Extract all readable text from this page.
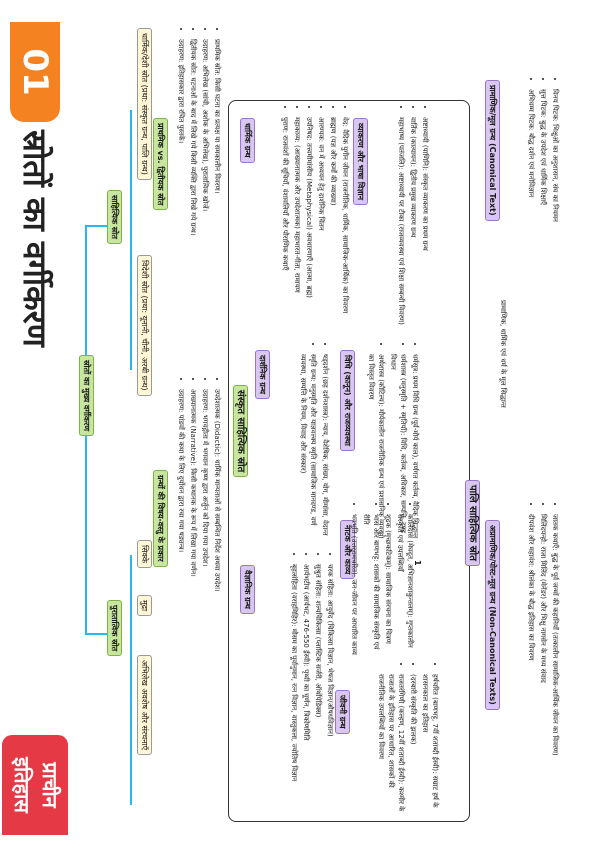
01
स्रोतों का वर्गीकरण
प्राचीन
इतिहास
स्रोतों का मुख्य वर्गीकरण
साहित्यिक स्रोत
पुरातात्विक स्रोत
धार्मिक/देशी स्रोत (प्रथा: संस्कृत ग्रन्थ, पालि ग्रन्थ)
विदेशी स्रोत (प्रथा: यूनानी, चीनी, अरबी ग्रन्थ)
सिक्के
मुद्रा
अभिलेख अवशेष और संरचनाएँ
प्राथमिक vs. द्वितीयक स्रोत	• प्राथमिक स्रोत: किसी घटना का प्रत्यक्ष या समकालीन विवरण।
• उदाहरण: अभिलेख (सांची, अशोक के अभिलेख), पुरातात्विक खोजें।
• द्वितीयक स्रोत: घटनाओं के बाद में लिखे गये किसी व्यक्ति द्वारा लिखे गये ग्रन्थ।
• उदाहरण: इतिहासकार द्वारा रचित पुस्तकें।
ग्रन्थों की विषय-वस्तु के प्रकार	• उपदेशात्मक (Didactic): धार्मिक मान्यताओं से सम्बन्धित निर्देश अथवा उपदेश।
• उदाहरण: भगवद्गीता में भगवान कृष्ण द्वारा अर्जुन को दिया गया उपदेश।
• आख्यानात्मक (Narrative): किसी कथानक के रूप में लिखा गया वर्णन।
• उदाहरण: पांडवों की कथा के लिए दुर्योधन द्वारा रचा गया षड्यन्त्र।	संस्कृत साहित्यिक स्रोत
धार्मिक ग्रन्थ	• वेद: वैदिक युगीन जीवन (राजनीतिक, धार्मिक, सामाजिक-आर्थिक) का विवरण
• ब्राह्मण (यज्ञ और कर्मों की व्याख्या)
• आरण्यक: वन में अध्ययन हेतु दार्शनिक चिंतन
• उपनिषद: तत्त्वमीमांसीय (Metaphysical) अवधारणाएँ (आत्मा, ब्रह्म)
• महाकाव्य: (आख्यानात्मक और उपदेशात्मक) महाभारत-गीता, रामायण
• पुराण: राजवंशों की सूचियाँ, वंशावलियाँ और पौराणिक कथाएँ	व्याकरण और भाषा विज्ञान	• अष्टाध्यायी (पाणिनि): संस्कृत व्याकरण का प्रथम ग्रन्थ
• वार्तिक (कात्यायन): द्वितीय प्रमुख व्याकरण ग्रन्थ
• महाभाष्य (पतंजलि): अष्टाध्यायी पर टीका (राजव्यवस्था एवं शिक्षा सम्बन्धी विवरण)
दार्शनिक ग्रन्थ	• षड्दर्शन (छह दर्शनशास्त्र): न्याय, वैशेषिक, सांख्य, योग, मीमांसा, वेदान्त
• स्मृति ग्रन्थ: मनुस्मृति और याज्ञवल्क्य स्मृति (सामाजिक मानदण्ड, वर्ण व्यवस्था, सम्पत्ति के नियम, विवाह और संस्कार)	विधि (कानून) और राजव्यवस्था	• धर्मसूत्र: प्रथम विधि ग्रन्थ (पूर्व-मौर्य काल), वर्णगत कर्तव्य, वैदिक सिद्धान्त
• धर्मशास्त्र (मनुस्मृति + स्मृतियाँ): विधि, कर्तव्य, अधिकार, सम्पत्ति, दण्ड विधान
• अर्थशास्त्र (कौटिल्य): मौर्यकालीन राजनीतिक ग्रन्थ एवं प्रशासनिक व्यवस्था का विस्तृत विवरण
वैज्ञानिक ग्रन्थ	• चरक संहिता: आयुर्वेद (चिकित्सा विज्ञान, भेषज विज्ञान/औषधविज्ञान)
• सुश्रुत संहिता: शल्यचिकित्सा (प्लास्टिक सर्जरी, ऑर्थोपेडिक्स)
• आर्यभटीय (आर्यभट, 476-550 ईस्वी): पृथ्वी का घूर्णन, त्रिकोणमिति
• बृहत्संहिता (वराहमिहिर): मौसम का पूर्वानुमान, रत्न विज्ञान, वास्तुकला, ज्योतिष विज्ञान
नाटक और काव्य	• कालिदास (मेघदूत, अभिज्ञानशाकुन्तलम्): गुप्तकालीन संस्कृति एवं उपलब्धियाँ
• शूद्रक (मृच्छकटिकम्): सामाजिक संरचना का चित्रण
• भास और बाणभट्ट: शासकों की सामाजिक संस्कृति एवं रीति
• भवभूति (उत्तररामचरित): जन-जीवन पर आधारित काव्य
जीवनी ग्रन्थ	• हर्षचरित (बाणभट्ट, 7वीं शताब्दी ईस्वी): सम्राट हर्ष के शासनकाल का इतिहास
• (दरबारी संस्कृति की झलक)
• राजतरंगिणी (कल्हण, 12वीं शताब्दी ईस्वी): कश्मीर के राजाओं के इतिहास पर आधारित, शासकों की राजनीतिक उपलब्धियों का विवरण
पालि साहित्यिक स्रोत
प्रामाणिक/मूल ग्रन्थ (Canonical Text)
प्रामाणिक, धार्मिक एवं धर्म के मूल सिद्धान्त
• विनय पिटक: भिक्षुओं का अनुशासन, संघ का नियमन
• सुत्त पिटक: बुद्ध के उपदेश एवं धार्मिक शिक्षाएँ
• अभिधम्म पिटक: बौद्ध दर्शन एवं मनोविज्ञान
अप्रामाणिक/पोस्ट-मूल ग्रन्थ (Non-Canonical Texts)	• जातक कथाएँ: बुद्ध के पूर्व जन्मों की कहानियाँ (तत्कालीन सामाजिक-आर्थिक जीवन का विवरण)
• मिलिंदपन्हो: राजा मिलिंद (मेनेंडर) और भिक्षु नागसेन के मध्य संवाद
• दीपवंश और महावंश: श्रीलंका के बौद्ध इतिहास का विवरण
1
